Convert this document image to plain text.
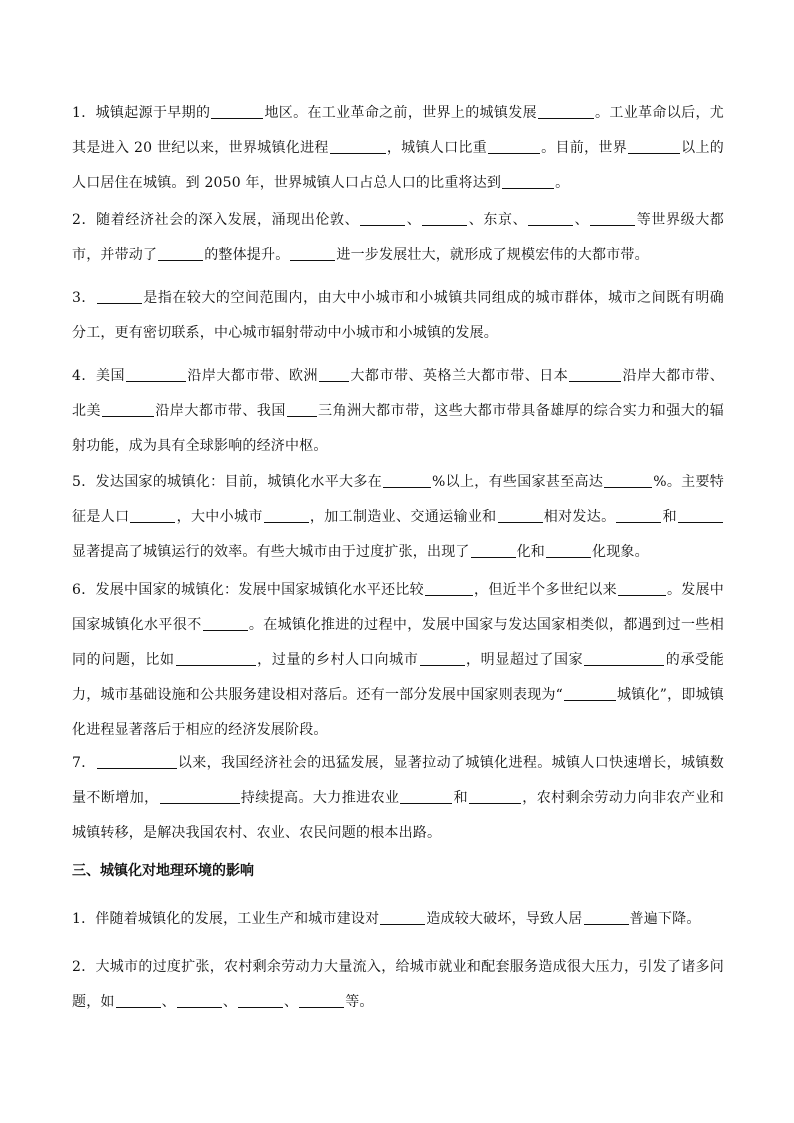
1．城镇起源于早期的	地区。在工业革命之前，世界上的城镇发展	。工业革命以后，尤其是进入 20 世纪以来，世界城镇化进程	，城镇人口比重	。目前，世界	以上的人口居住在城镇。到 2050 年，世界城镇人口占总人口的比重将达到	。

2．随着经济社会的深入发展，涌现出伦敦、	、	、东京、	、	等世界级大都市，并带动了	的整体提升。	进一步发展壮大，就形成了规模宏伟的大都市带。

3．	是指在较大的空间范围内，由大中小城市和小城镇共同组成的城市群体，城市之间既有明确分工，更有密切联系，中心城市辐射带动中小城市和小城镇的发展。

4．美国	沿岸大都市带、欧洲 大都市带、英格兰大都市带、日本	沿岸大都市带、北美	沿岸大都市带、我国 三角洲大都市带，这些大都市带具备雄厚的综合实力和强大的辐射功能，成为具有全球影响的经济中枢。

5．发达国家的城镇化：目前，城镇化水平大多在	%以上，有些国家甚至高达	%。主要特征是人口	，大中小城市	，加工制造业、交通运输业和	相对发达。	和显著提高了城镇运行的效率。有些大城市由于过度扩张，出现了	化和	化现象。

6．发展中国家的城镇化：发展中国家城镇化水平还比较	，但近半个多世纪以来	。发展中国家城镇化水平很不	。在城镇化推进的过程中，发展中国家与发达国家相类似，都遇到过一些相同的问题，比如	，过量的乡村人口向城市	，明显超过了国家	的承受能力，城市基础设施和公共服务建设相对落后。还有一部分发展中国家则表现为“	城镇化”，即城镇化进程显著落后于相应的经济发展阶段。

7．	以来，我国经济社会的迅猛发展，显著拉动了城镇化进程。城镇人口快速增长，城镇数量不断增加，	持续提高。大力推进农业	和	，农村剩余劳动力向非农产业和城镇转移，是解决我国农村、农业、农民问题的根本出路。

三、城镇化对地理环境的影响

1．伴随着城镇化的发展，工业生产和城市建设对	造成较大破坏，导致人居	普遍下降。

2．大城市的过度扩张，农村剩余劳动力大量流入，给城市就业和配套服务造成很大压力，引发了诸多问题，如	、	、	、	等。
